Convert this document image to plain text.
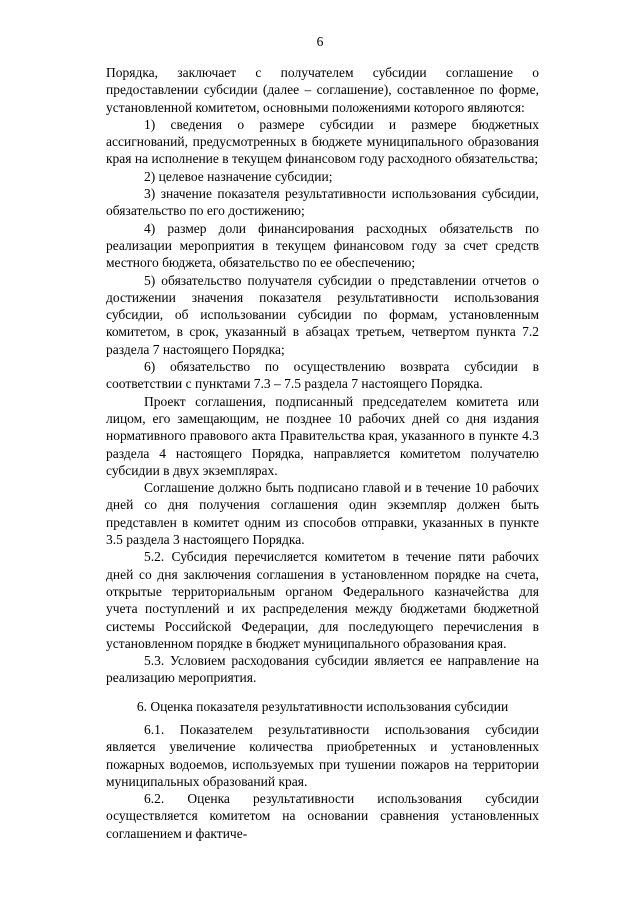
6

Порядка, заключает с получателем субсидии соглашение о предоставлении субсидии (далее – соглашение), составленное по форме, установленной комитетом, основными положениями которого являются:

1) сведения о размере субсидии и размере бюджетных ассигнований, предусмотренных в бюджете муниципального образования края на исполнение в текущем финансовом году расходного обязательства;

2) целевое назначение субсидии;

3) значение показателя результативности использования субсидии, обязательство по его достижению;

4) размер доли финансирования расходных обязательств по реализации мероприятия в текущем финансовом году за счет средств местного бюджета, обязательство по ее обеспечению;

5) обязательство получателя субсидии о представлении отчетов о достижении значения показателя результативности использования субсидии, об использовании субсидии по формам, установленным комитетом, в срок, указанный в абзацах третьем, четвертом пункта 7.2 раздела 7 настоящего Порядка;

6) обязательство по осуществлению возврата субсидии в соответствии с пунктами 7.3 – 7.5 раздела 7 настоящего Порядка.

Проект соглашения, подписанный председателем комитета или лицом, его замещающим, не позднее 10 рабочих дней со дня издания нормативного правового акта Правительства края, указанного в пункте 4.3 раздела 4 настоящего Порядка, направляется комитетом получателю субсидии в двух экземплярах.

Соглашение должно быть подписано главой и в течение 10 рабочих дней со дня получения соглашения один экземпляр должен быть представлен в комитет одним из способов отправки, указанных в пункте 3.5 раздела 3 настоящего Порядка.

5.2. Субсидия перечисляется комитетом в течение пяти рабочих дней со дня заключения соглашения в установленном порядке на счета, открытые территориальным органом Федерального казначейства для учета поступлений и их распределения между бюджетами бюджетной системы Российской Федерации, для последующего перечисления в установленном порядке в бюджет муниципального образования края.

5.3. Условием расходования субсидии является ее направление на реализацию мероприятия.

6. Оценка показателя результативности использования субсидии

6.1. Показателем результативности использования субсидии является увеличение количества приобретенных и установленных пожарных водоемов, используемых при тушении пожаров на территории муниципальных образований края.

6.2. Оценка результативности использования субсидии осуществляется комитетом на основании сравнения установленных соглашением и фактиче-
